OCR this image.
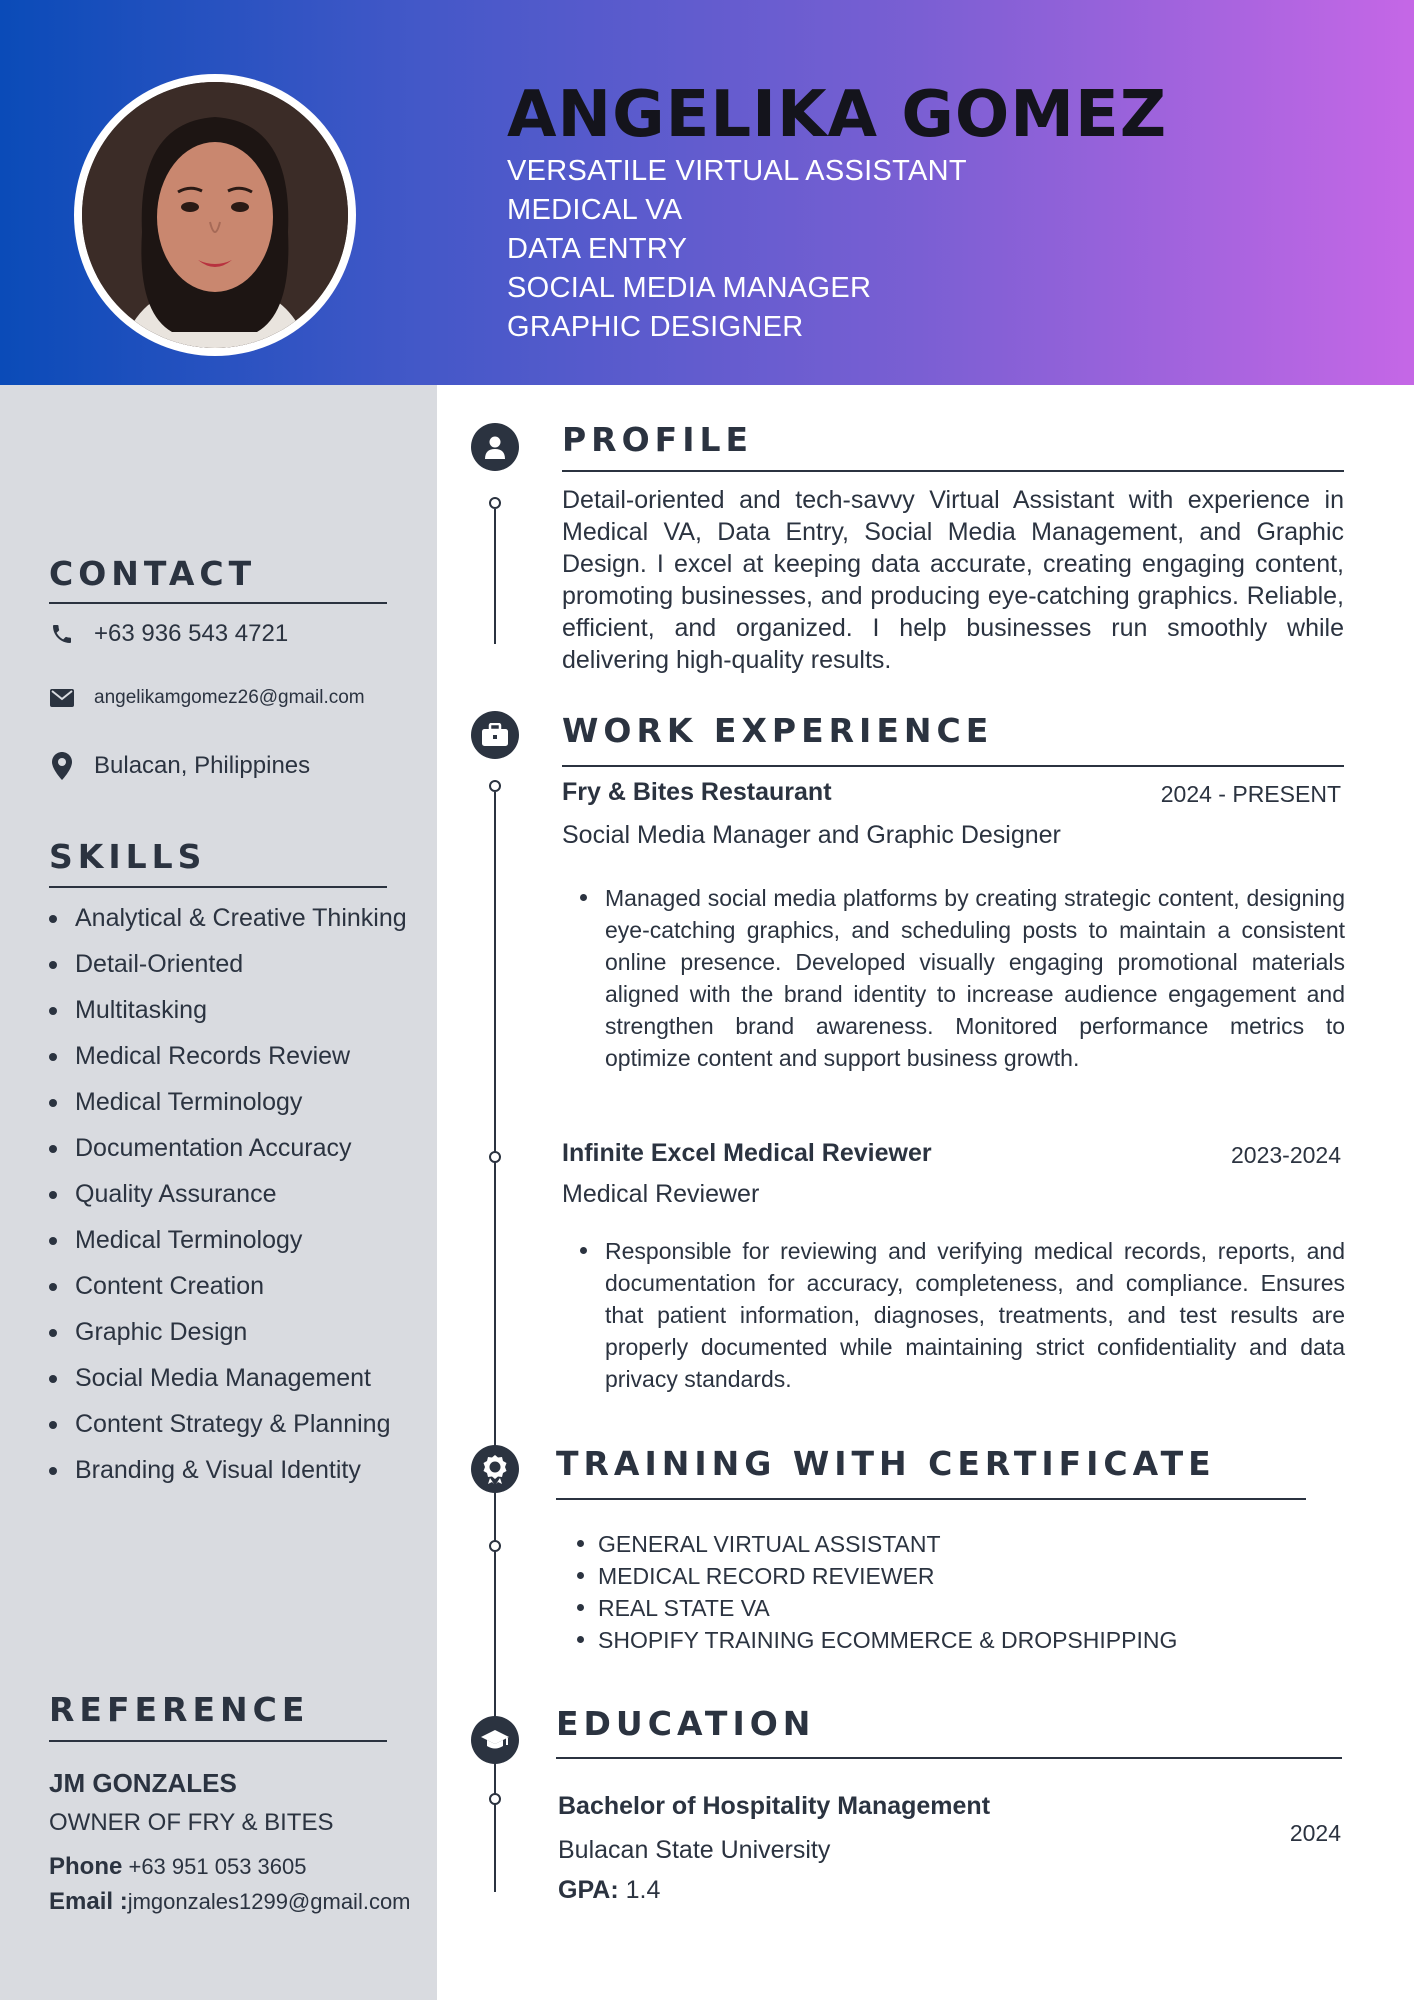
ANGELIKA GOMEZ
VERSATILE VIRTUAL ASSISTANT
MEDICAL VA
DATA ENTRY
SOCIAL MEDIA MANAGER
GRAPHIC DESIGNER
CONTACT
+63 936 543 4721
angelikamgomez26@gmail.com
Bulacan, Philippines
SKILLS
Analytical & Creative Thinking
Detail-Oriented
Multitasking
Medical Records Review
Medical Terminology
Documentation Accuracy
Quality Assurance
Medical Terminology
Content Creation
Graphic Design
Social Media Management
Content Strategy & Planning
Branding & Visual Identity
REFERENCE
JM GONZALES
OWNER OF FRY & BITES
Phone +63 951 053 3605
Email :jmgonzales1299@gmail.com
PROFILE
Detail-oriented and tech-savvy Virtual Assistant with experience in Medical VA, Data Entry, Social Media Management, and Graphic Design. I excel at keeping data accurate, creating engaging content, promoting businesses, and producing eye-catching graphics. Reliable, efficient, and organized. I help businesses run smoothly while delivering high-quality results.
WORK EXPERIENCE
Fry & Bites Restaurant	2024 - PRESENT
Social Media Manager and Graphic Designer
Managed social media platforms by creating strategic content, designing eye-catching graphics, and scheduling posts to maintain a consistent online presence. Developed visually engaging promotional materials aligned with the brand identity to increase audience engagement and strengthen brand awareness. Monitored performance metrics to optimize content and support business growth.
Infinite Excel Medical Reviewer	2023-2024
Medical Reviewer
Responsible for reviewing and verifying medical records, reports, and documentation for accuracy, completeness, and compliance. Ensures that patient information, diagnoses, treatments, and test results are properly documented while maintaining strict confidentiality and data privacy standards.
TRAINING WITH CERTIFICATE
GENERAL VIRTUAL ASSISTANT
MEDICAL RECORD REVIEWER
REAL STATE VA
SHOPIFY TRAINING ECOMMERCE & DROPSHIPPING
EDUCATION
Bachelor of Hospitality Management
Bulacan State University
GPA: 1.4
2024
